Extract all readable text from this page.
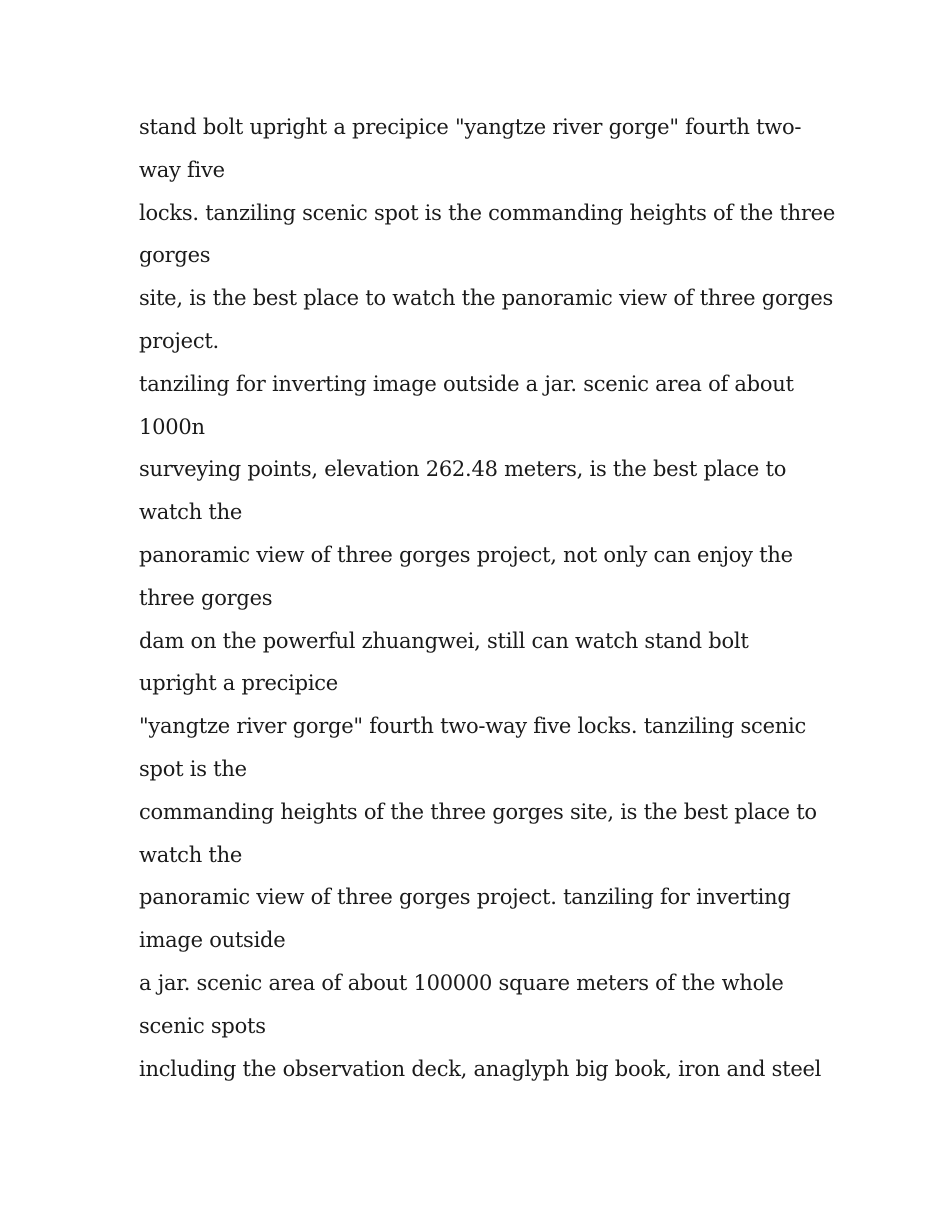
stand bolt upright a precipice "yangtze river gorge" fourth two-

way five

locks. tanziling scenic spot is the commanding heights of the three

gorges

site, is the best place to watch the panoramic view of three gorges

project.

tanziling for inverting image outside a jar. scenic area of about

1000n

surveying points, elevation 262.48 meters, is the best place to

watch the

panoramic view of three gorges project, not only can enjoy the

three gorges

dam on the powerful zhuangwei, still can watch stand bolt

upright a precipice

"yangtze river gorge" fourth two-way five locks. tanziling scenic

spot is the

commanding heights of the three gorges site, is the best place to

watch the

panoramic view of three gorges project. tanziling for inverting

image outside

a jar. scenic area of about 100000 square meters of the whole

scenic spots

including the observation deck, anaglyph big book, iron and steel
